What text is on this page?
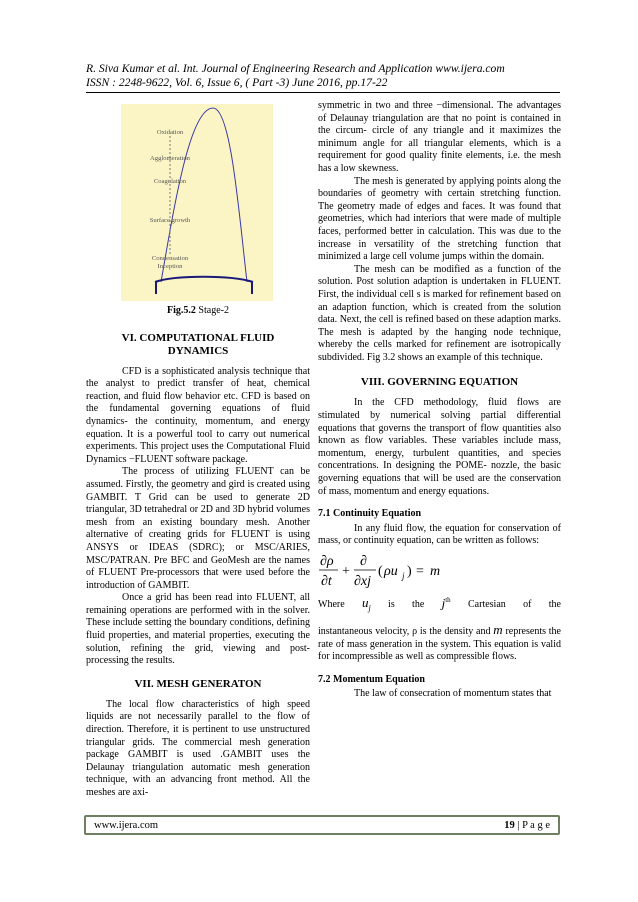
R. Siva Kumar et al. Int. Journal of Engineering Research and Application www.ijera.com
ISSN : 2248-9622, Vol. 6, Issue 6, ( Part -3) June 2016, pp.17-22
Oxidation
Agglomeration
Coagulation
Surface growth
Condensation
Inception
Fig.5.2 Stage-2
VI. COMPUTATIONAL FLUID
DYNAMICS

CFD is a sophisticated analysis technique that the analyst to predict transfer of heat, chemical reaction, and fluid flow behavior etc. CFD is based on the fundamental governing equations of fluid dynamics- the continuity, momentum, and energy equation. It is a powerful tool to carry out numerical experiments. This project uses the Computational Fluid Dynamics −FLUENT software package.

The process of utilizing FLUENT can be assumed. Firstly, the geometry and gird is created using GAMBIT. T Grid can be used to generate 2D triangular, 3D tetrahedral or 2D and 3D hybrid volumes mesh from an existing boundary mesh. Another alternative of creating grids for FLUENT is using ANSYS or IDEAS (SDRC); or MSC/ARIES, MSC/PATRAN. Pre BFC and GeoMesh are the names of FLUENT Pre-processors that were used before the introduction of GAMBIT.

Once a grid has been read into FLUENT, all remaining operations are performed with in the solver. These include setting the boundary conditions, defining fluid properties, and material properties, executing the solution, refining the grid, viewing and post- processing the results.

VII. MESH GENERATON

The local flow characteristics of high speed liquids are not necessarily parallel to the flow of direction. Therefore, it is pertinent to use unstructured triangular grids. The commercial mesh generation package GAMBIT is used .GAMBIT uses the Delaunay triangulation automatic mesh generation technique, with an advancing front method. All the meshes are axi-

symmetric in two and three −dimensional. The advantages of Delaunay triangulation are that no point is contained in the circum- circle of any triangle and it maximizes the minimum angle for all triangular elements, which is a requirement for good quality finite elements, i.e. the mesh has a low skewness.

The mesh is generated by applying points along the boundaries of geometry with certain stretching function. The geometry made of edges and faces. It was found that geometries, which had interiors that were made of multiple faces, performed better in calculation. This was due to the increase in versatility of the stretching function that minimized a large cell volume jumps within the domain.

The mesh can be modified as a function of the solution. Post solution adaption is undertaken in FLUENT. First, the individual cell s is marked for refinement based on an adaption function, which is created from the solution data. Next, the cell is refined based on these adaption marks. The mesh is adapted by the hanging node technique, whereby the cells marked for refinement are isotropically subdivided. Fig 3.2 shows an example of this technique.

VIII. GOVERNING EQUATION

In the CFD methodology, fluid flows are stimulated by numerical solving partial differential equations that governs the transport of flow quantities also known as flow variables. These variables include mass, momentum, energy, turbulent quantities, and species concentrations. In designing the POME- nozzle, the basic governing equations that will be used are the conservation of mass, momentum and energy equations.

7.1 Continuity Equation

In any fluid flow, the equation for conservation of mass, or continuity equation, can be written as follows:

∂ρ
∂t
+
∂
∂xj
( ρu j ) = m
Where $u_j$ is the $j^{th}$ Cartesian of the

instantaneous velocity, ρ is the density and m represents the rate of mass generation in the system. This equation is valid for incompressible as well as compressible flows.

7.2 Momentum Equation

The law of consecration of momentum states that

www.ijera.com	19 | P a g e
